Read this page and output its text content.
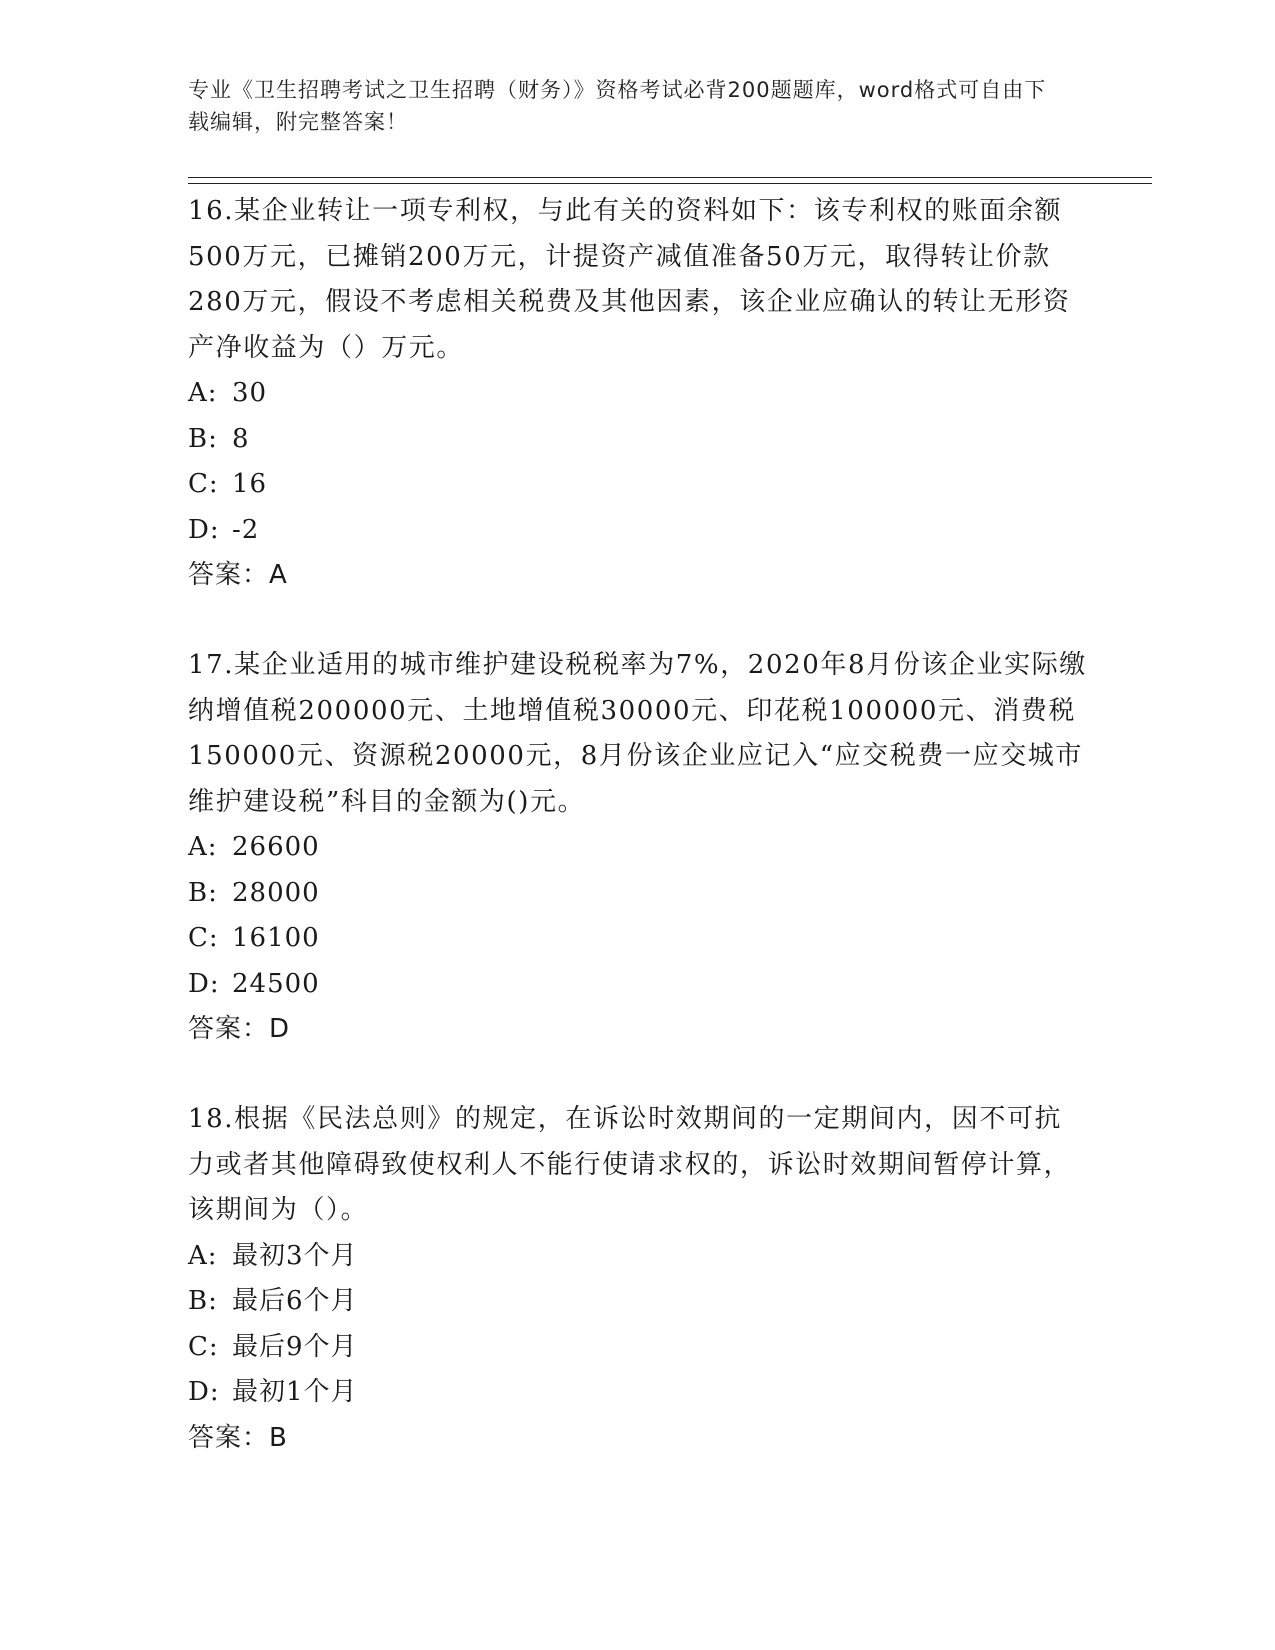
专业《卫生招聘考试之卫生招聘（财务）》资格考试必背200题题库，word格式可自由下载编辑，附完整答案！

16.某企业转让一项专利权，与此有关的资料如下：该专利权的账面余额500万元，已摊销200万元，计提资产减值准备50万元，取得转让价款280万元，假设不考虑相关税费及其他因素，该企业应确认的转让无形资产净收益为（）万元。

A: 30
B: 8
C: 16
D: -2

答案：A

17.某企业适用的城市维护建设税税率为7%，2020年8月份该企业实际缴纳增值税200000元、土地增值税30000元、印花税100000元、消费税150000元、资源税20000元，8月份该企业应记入“应交税费一应交城市维护建设税”科目的金额为()元。

A: 26600
B: 28000
C: 16100
D: 24500

答案：D

18.根据《民法总则》的规定，在诉讼时效期间的一定期间内，因不可抗力或者其他障碍致使权利人不能行使请求权的，诉讼时效期间暂停计算，该期间为（）。

A: 最初3个月
B: 最后6个月
C: 最后9个月
D: 最初1个月

答案：B
